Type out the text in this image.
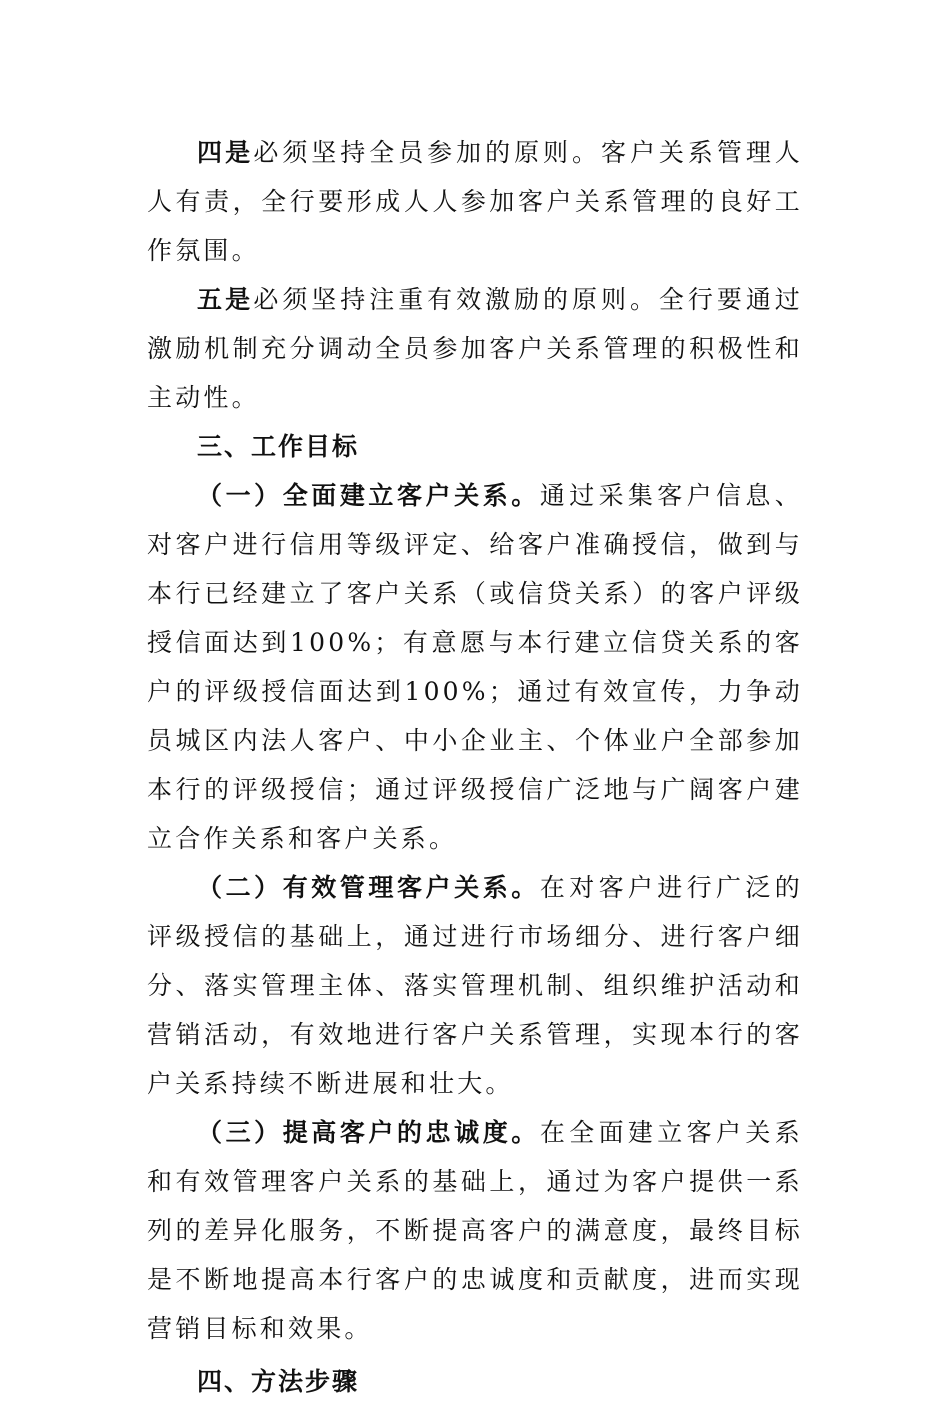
四是必须坚持全员参加的原则。客户关系管理人人有责，全行要形成人人参加客户关系管理的良好工作氛围。

五是必须坚持注重有效激励的原则。全行要通过激励机制充分调动全员参加客户关系管理的积极性和主动性。

三、工作目标

（一）全面建立客户关系。通过采集客户信息、对客户进行信用等级评定、给客户准确授信，做到与本行已经建立了客户关系（或信贷关系）的客户评级授信面达到100%；有意愿与本行建立信贷关系的客户的评级授信面达到100%；通过有效宣传，力争动员城区内法人客户、中小企业主、个体业户全部参加本行的评级授信；通过评级授信广泛地与广阔客户建立合作关系和客户关系。

（二）有效管理客户关系。在对客户进行广泛的评级授信的基础上，通过进行市场细分、进行客户细分、落实管理主体、落实管理机制、组织维护活动和营销活动，有效地进行客户关系管理，实现本行的客户关系持续不断进展和壮大。

（三）提高客户的忠诚度。在全面建立客户关系和有效管理客户关系的基础上，通过为客户提供一系列的差异化服务，不断提高客户的满意度，最终目标是不断地提高本行客户的忠诚度和贡献度，进而实现营销目标和效果。

四、方法步骤
